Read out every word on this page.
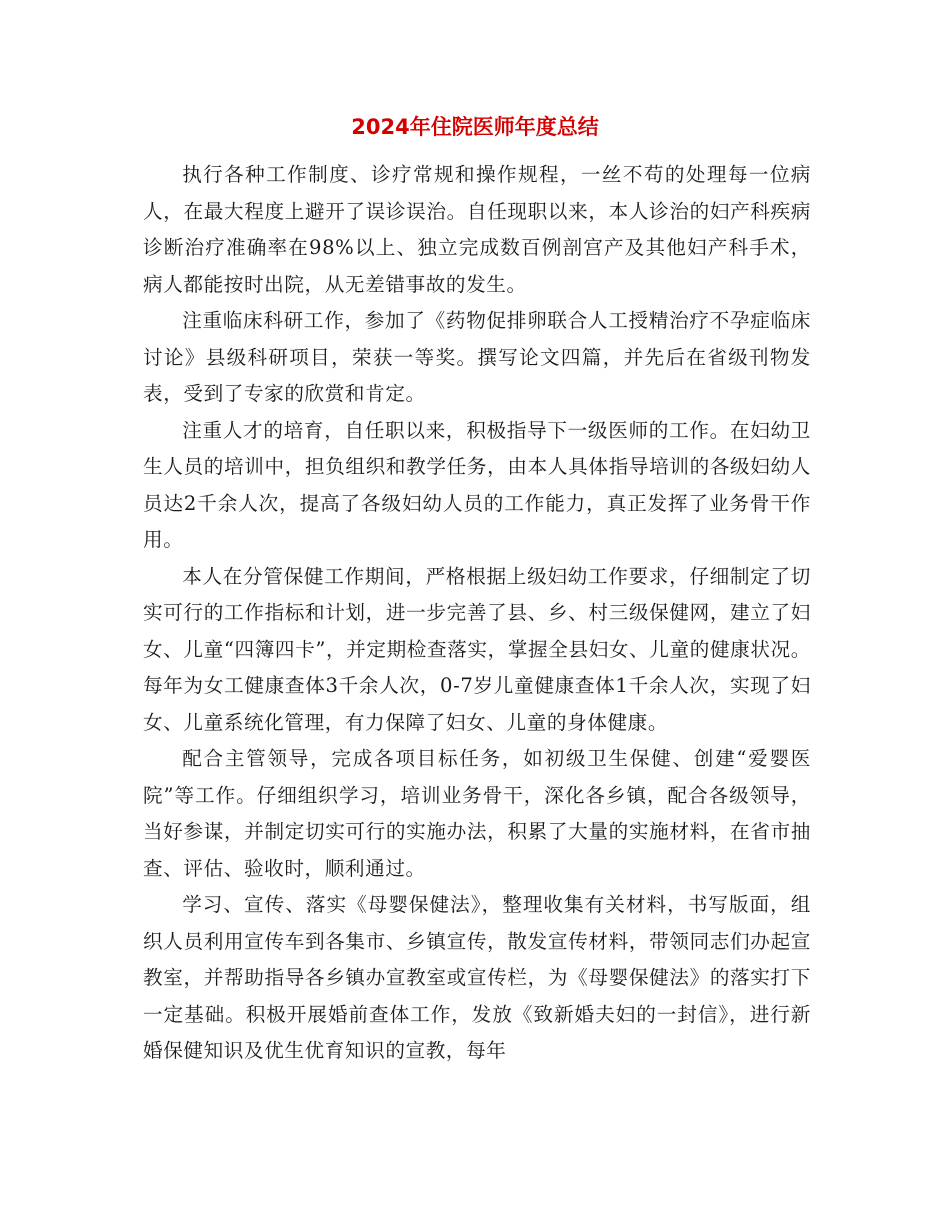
2024年住院医师年度总结

执行各种工作制度、诊疗常规和操作规程，一丝不苟的处理每一位病人，在最大程度上避开了误诊误治。自任现职以来，本人诊治的妇产科疾病诊断治疗准确率在98%以上、独立完成数百例剖宫产及其他妇产科手术，病人都能按时出院，从无差错事故的发生。

注重临床科研工作，参加了《药物促排卵联合人工授精治疗不孕症临床讨论》县级科研项目，荣获一等奖。撰写论文四篇，并先后在省级刊物发表，受到了专家的欣赏和肯定。

注重人才的培育，自任职以来，积极指导下一级医师的工作。在妇幼卫生人员的培训中，担负组织和教学任务，由本人具体指导培训的各级妇幼人员达2千余人次，提高了各级妇幼人员的工作能力，真正发挥了业务骨干作用。

本人在分管保健工作期间，严格根据上级妇幼工作要求，仔细制定了切实可行的工作指标和计划，进一步完善了县、乡、村三级保健网，建立了妇女、儿童“四簿四卡”，并定期检查落实，掌握全县妇女、儿童的健康状况。每年为女工健康查体3千余人次，0-7岁儿童健康查体1千余人次，实现了妇女、儿童系统化管理，有力保障了妇女、儿童的身体健康。

配合主管领导，完成各项目标任务，如初级卫生保健、创建“爱婴医院”等工作。仔细组织学习，培训业务骨干，深化各乡镇，配合各级领导，当好参谋，并制定切实可行的实施办法，积累了大量的实施材料，在省市抽查、评估、验收时，顺利通过。

学习、宣传、落实《母婴保健法》，整理收集有关材料，书写版面，组织人员利用宣传车到各集市、乡镇宣传，散发宣传材料，带领同志们办起宣教室，并帮助指导各乡镇办宣教室或宣传栏，为《母婴保健法》的落实打下一定基础。积极开展婚前查体工作，发放《致新婚夫妇的一封信》，进行新婚保健知识及优生优育知识的宣教，每年
